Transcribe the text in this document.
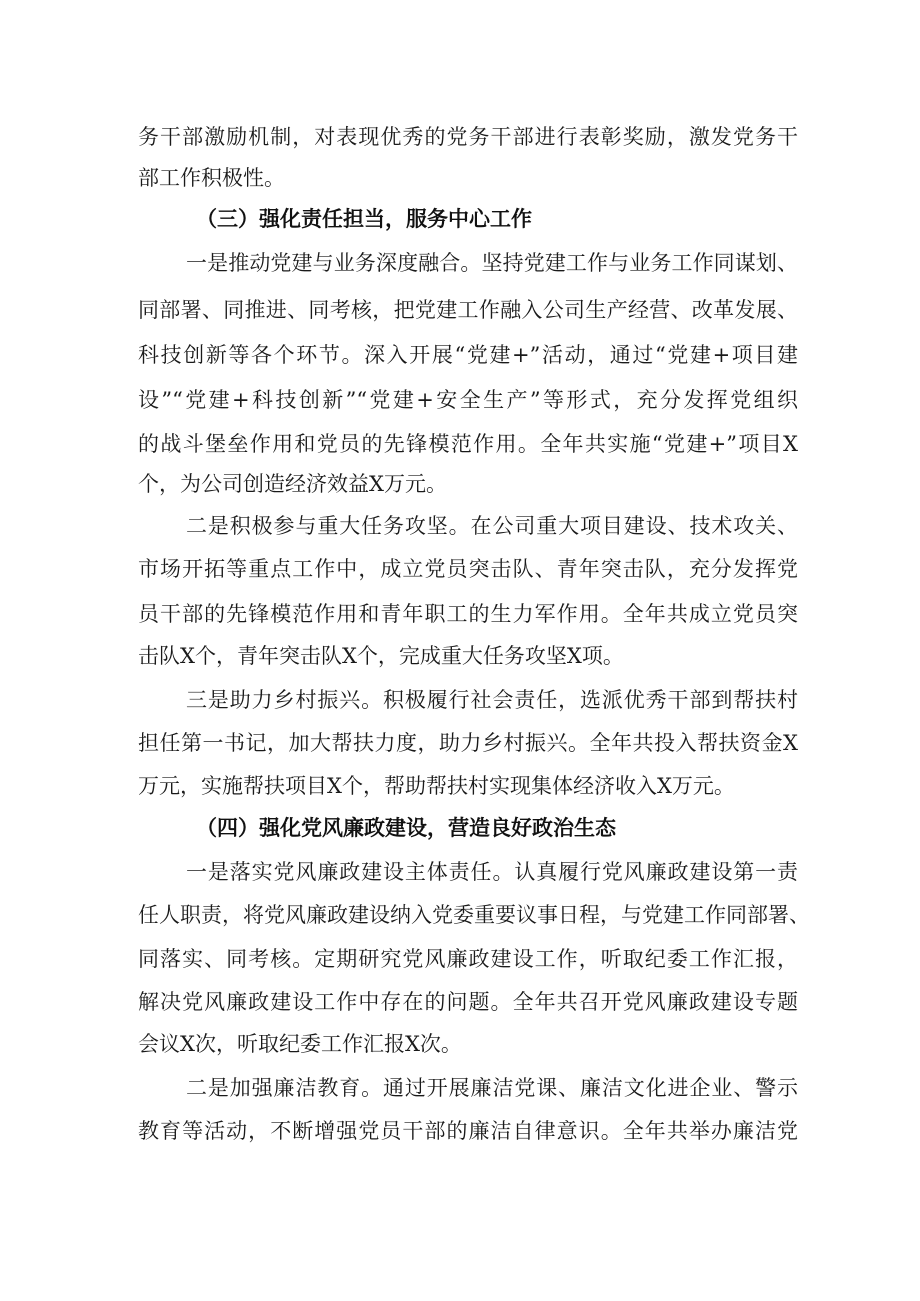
务干部激励机制，对表现优秀的党务干部进行表彰奖励，激发党务干
部工作积极性。
（三）强化责任担当，服务中心工作
一是推动党建与业务深度融合。坚持党建工作与业务工作同谋划、
同部署、同推进、同考核，把党建工作融入公司生产经营、改革发展、
科技创新等各个环节。深入开展“党建+”活动，通过“党建+项目建
设”“党建+科技创新”“党建+安全生产”等形式，充分发挥党组织
的战斗堡垒作用和党员的先锋模范作用。全年共实施“党建+”项目X
个，为公司创造经济效益X万元。
二是积极参与重大任务攻坚。在公司重大项目建设、技术攻关、
市场开拓等重点工作中，成立党员突击队、青年突击队，充分发挥党
员干部的先锋模范作用和青年职工的生力军作用。全年共成立党员突
击队X个，青年突击队X个，完成重大任务攻坚X项。
三是助力乡村振兴。积极履行社会责任，选派优秀干部到帮扶村
担任第一书记，加大帮扶力度，助力乡村振兴。全年共投入帮扶资金X
万元，实施帮扶项目X个，帮助帮扶村实现集体经济收入X万元。
（四）强化党风廉政建设，营造良好政治生态
一是落实党风廉政建设主体责任。认真履行党风廉政建设第一责
任人职责，将党风廉政建设纳入党委重要议事日程，与党建工作同部署、
同落实、同考核。定期研究党风廉政建设工作，听取纪委工作汇报，
解决党风廉政建设工作中存在的问题。全年共召开党风廉政建设专题
会议X次，听取纪委工作汇报X次。
二是加强廉洁教育。通过开展廉洁党课、廉洁文化进企业、警示
教育等活动，不断增强党员干部的廉洁自律意识。全年共举办廉洁党
